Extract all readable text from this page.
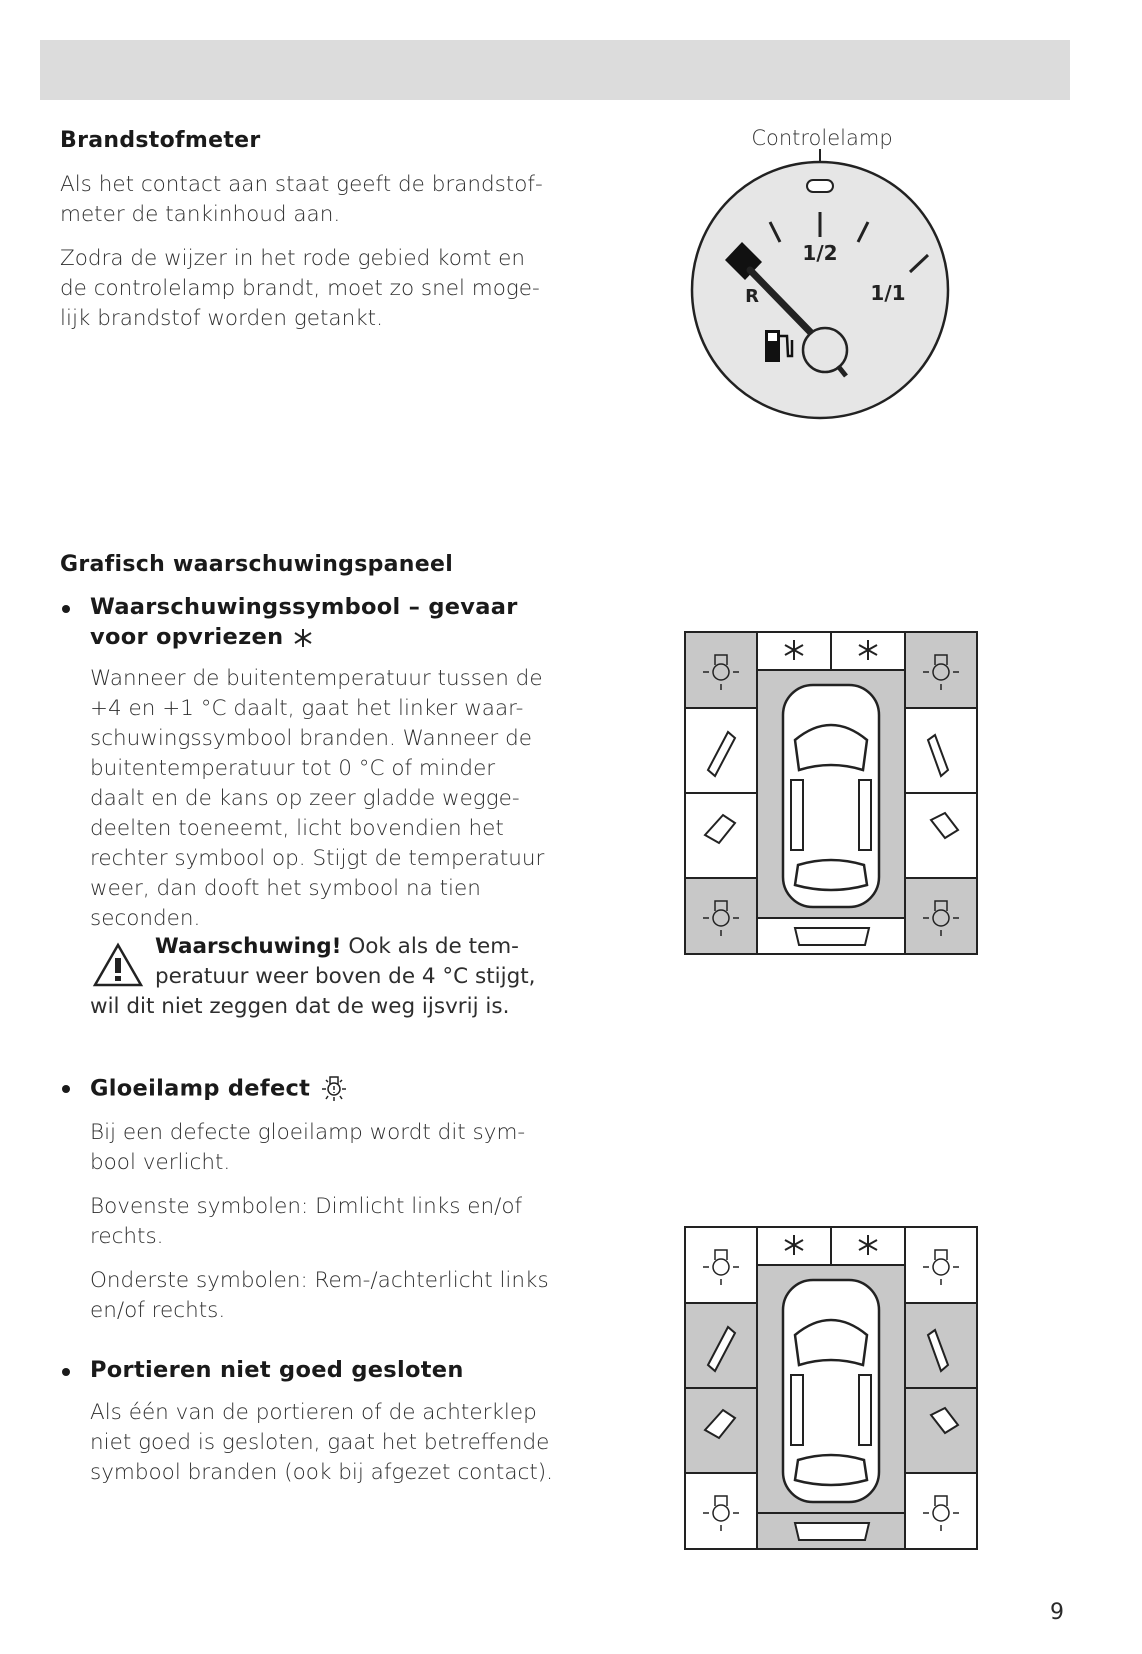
Brandstofmeter

Als het contact aan staat geeft de brandstof-
meter de tankinhoud aan.

Zodra de wijzer in het rode gebied komt en
de controlelamp brandt, moet zo snel moge-
lijk brandstof worden getankt.

Controlelamp
1/2
1/1
R
Grafisch waarschuwingspaneel
Waarschuwingssymbool – gevaar
voor opvriezen
Wanneer de buitentemperatuur tussen de
+4 en +1 °C daalt, gaat het linker waar-
schuwingssymbool branden. Wanneer de
buitentemperatuur tot 0 °C of minder
daalt en de kans op zeer gladde wegge-
deelten toeneemt, licht bovendien het
rechter symbool op. Stijgt de temperatuur
weer, dan dooft het symbool na tien
seconden.
Waarschuwing! Ook als de tem-
peratuur weer boven de 4 °C stijgt,
wil dit niet zeggen dat de weg ijsvrij is.
Gloeilamp defect

Bij een defecte gloeilamp wordt dit sym-
bool verlicht.

Bovenste symbolen: Dimlicht links en/of
rechts.

Onderste symbolen: Rem-/achterlicht links
en/of rechts.

Portieren niet goed gesloten
Als één van de portieren of de achterklep
niet goed is gesloten, gaat het betreffende
symbool branden (ook bij afgezet contact).
9
